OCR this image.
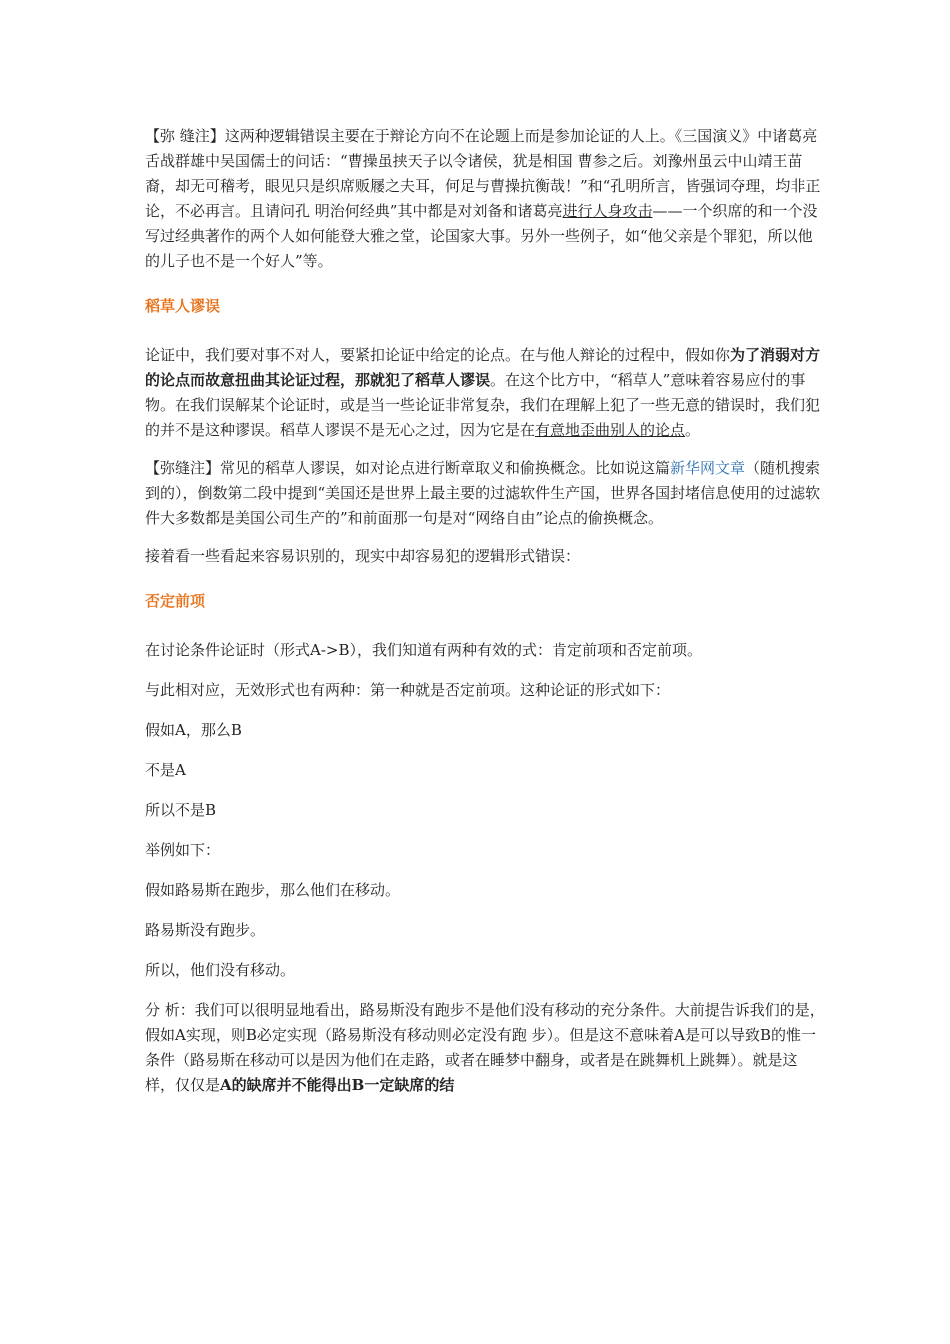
【弥 缝注】这两种逻辑错误主要在于辩论方向不在论题上而是参加论证的人上。《三国演义》中诸葛亮舌战群雄中吴国儒士的问话：“曹操虽挟天子以令诸侯，犹是相国 曹参之后。刘豫州虽云中山靖王苗裔，却无可稽考，眼见只是织席贩屦之夫耳，何足与曹操抗衡哉！”和“孔明所言，皆强词夺理，均非正论，不必再言。且请问孔 明治何经典”其中都是对刘备和诸葛亮进行人身攻击——一个织席的和一个没写过经典著作的两个人如何能登大雅之堂，论国家大事。另外一些例子，如“他父亲是个罪犯，所以他的儿子也不是一个好人”等。

稻草人谬误

论证中，我们要对事不对人，要紧扣论证中给定的论点。在与他人辩论的过程中，假如你为了消弱对方的论点而故意扭曲其论证过程，那就犯了稻草人谬误。在这个比方中，“稻草人”意味着容易应付的事物。在我们误解某个论证时，或是当一些论证非常复杂，我们在理解上犯了一些无意的错误时，我们犯的并不是这种谬误。稻草人谬误不是无心之过，因为它是在有意地歪曲别人的论点。

【弥缝注】常见的稻草人谬误，如对论点进行断章取义和偷换概念。比如说这篇新华网文章（随机搜索到的），倒数第二段中提到“美国还是世界上最主要的过滤软件生产国，世界各国封堵信息使用的过滤软件大多数都是美国公司生产的”和前面那一句是对“网络自由”论点的偷换概念。

接着看一些看起来容易识别的，现实中却容易犯的逻辑形式错误：

否定前项

在讨论条件论证时（形式A->B），我们知道有两种有效的式：肯定前项和否定前项。

与此相对应，无效形式也有两种：第一种就是否定前项。这种论证的形式如下：

假如A，那么B

不是A

所以不是B

举例如下：

假如路易斯在跑步，那么他们在移动。

路易斯没有跑步。

所以，他们没有移动。

分 析：我们可以很明显地看出，路易斯没有跑步不是他们没有移动的充分条件。大前提告诉我们的是，假如A实现，则B必定实现（路易斯没有移动则必定没有跑 步）。但是这不意味着A是可以导致B的惟一条件（路易斯在移动可以是因为他们在走路，或者在睡梦中翻身，或者是在跳舞机上跳舞）。就是这样，仅仅是A的缺席并不能得出B一定缺席的结
